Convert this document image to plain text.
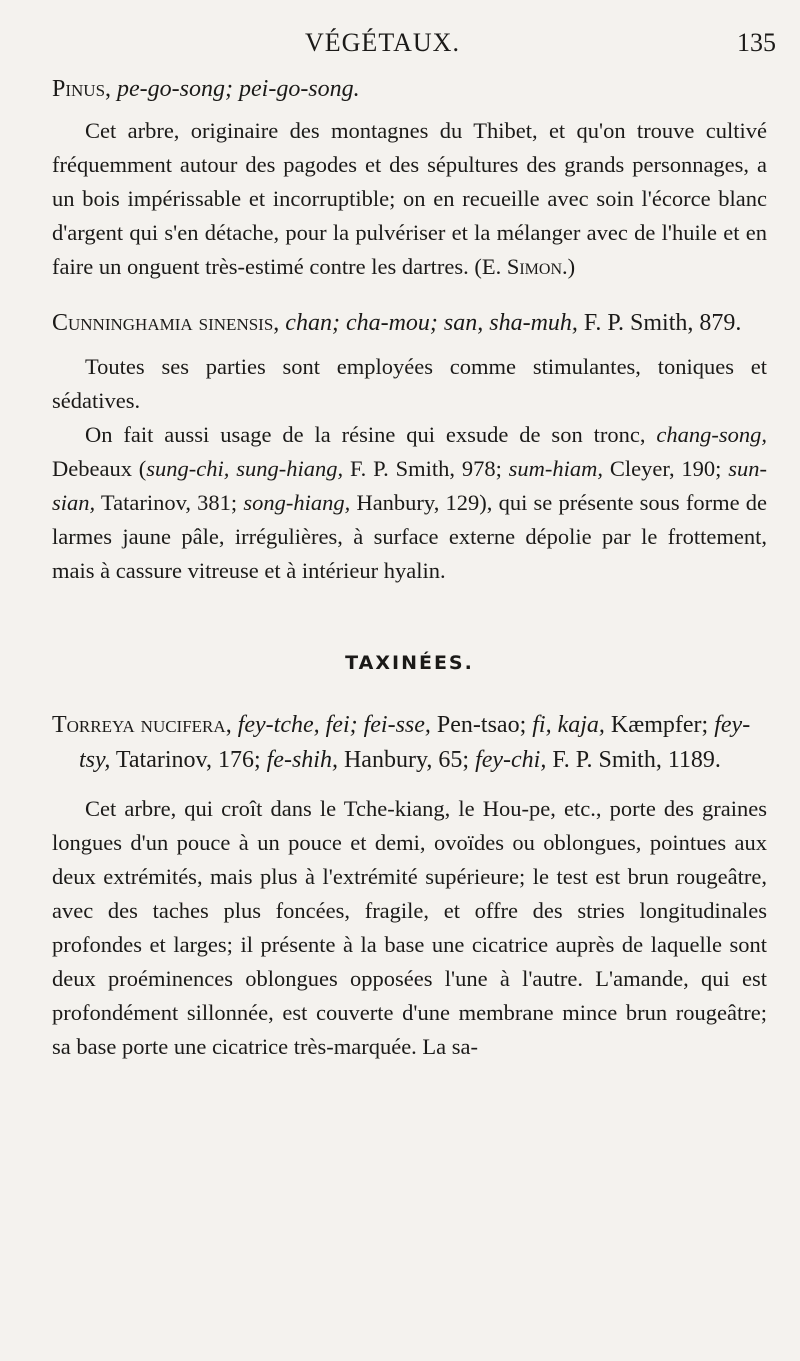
VÉGÉTAUX.	135

Pinus, pe-go-song; pei-go-song.

Cet arbre, originaire des montagnes du Thibet, et qu'on trouve cultivé fréquemment autour des pagodes et des sépultures des grands personnages, a un bois impérissable et incorruptible; on en recueille avec soin l'écorce blanc d'argent qui s'en détache, pour la pulvériser et la mélanger avec de l'huile et en faire un onguent très-estimé contre les dartres. (E. Simon.)

Cunninghamia sinensis, chan; cha-mou; san, sha-muh, F. P. Smith, 879.

Toutes ses parties sont employées comme stimulantes, toniques et sédatives.

On fait aussi usage de la résine qui exsude de son tronc, chang-song, Debeaux (sung-chi, sung-hiang, F. P. Smith, 978; sum-hiam, Cleyer, 190; sun-sian, Tatarinov, 381; song-hiang, Hanbury, 129), qui se présente sous forme de larmes jaune pâle, irrégulières, à surface externe dépolie par le frottement, mais à cassure vitreuse et à intérieur hyalin.

TAXINÉES.

Torreya nucifera, fey-tche, fei; fei-sse, Pen-tsao; fi, kaja, Kæmpfer; fey-tsy, Tatarinov, 176; fe-shih, Hanbury, 65; fey-chi, F. P. Smith, 1189.

Cet arbre, qui croît dans le Tche-kiang, le Hou-pe, etc., porte des graines longues d'un pouce à un pouce et demi, ovoïdes ou oblongues, pointues aux deux extrémités, mais plus à l'extrémité supérieure; le test est brun rougeâtre, avec des taches plus foncées, fragile, et offre des stries longitudinales profondes et larges; il présente à la base une cicatrice auprès de laquelle sont deux proéminences oblongues opposées l'une à l'autre. L'amande, qui est profondément sillonnée, est couverte d'une membrane mince brun rougeâtre; sa base porte une cicatrice très-marquée. La sa-
